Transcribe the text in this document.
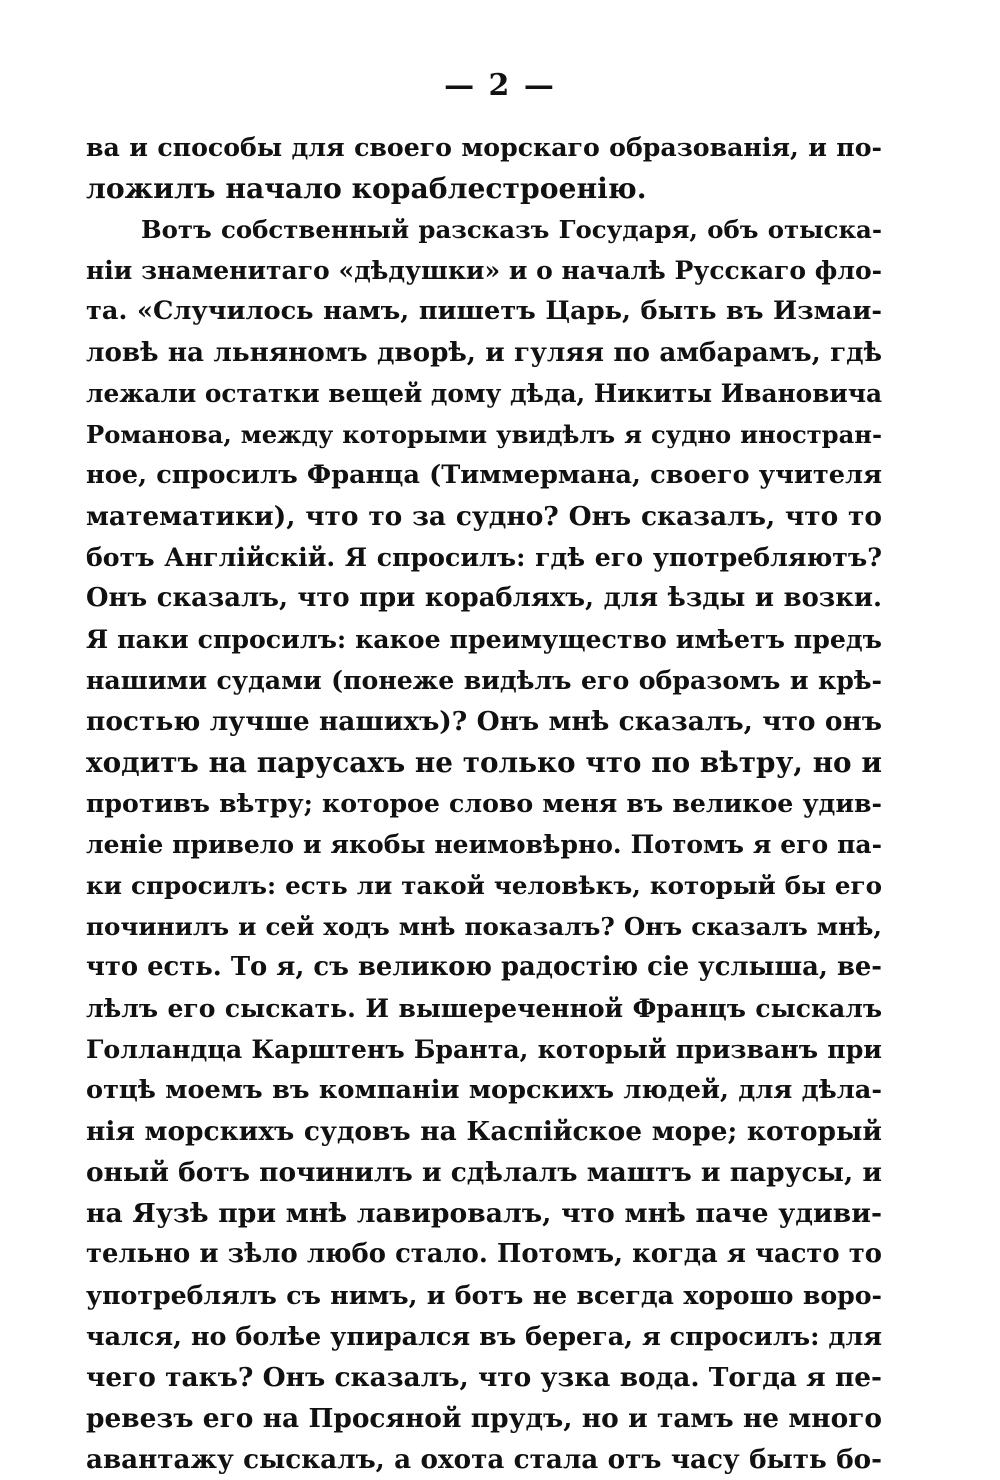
— 2 —
ва и способы для своего морскаго образованія, и по-
ложилъ начало кораблестроенію.
Вотъ собственный разсказъ Государя, объ отыска-
ніи знаменитаго «дѣдушки» и о началѣ Русскаго флo-
та. «Случилось намъ, пишетъ Царь, быть въ Измаи-
ловѣ на льняномъ дворѣ, и гуляя по амбарамъ, гдѣ
лежали остатки вещей дому дѣда, Никиты Ивановича
Романова, между которыми увидѣлъ я судно иностран-
ное, спросилъ Франца (Тиммермана, своего учителя
математики), что то за судно? Онъ сказалъ, что то
ботъ Англійскій. Я спросилъ: гдѣ его употребляютъ?
Онъ сказалъ, что при корабляхъ, для ѣзды и возки.
Я паки спросилъ: какое преимущество имѣетъ предъ
нашими судами (понеже видѣлъ его образомъ и крѣ-
постью лучше нашихъ)? Онъ мнѣ сказалъ, что онъ
ходитъ на парусахъ не только что по вѣтру, но и
противъ вѣтру; которое слово меня въ великое удив-
леніе привело и якобы неимовѣрно. Потомъ я его па-
ки спросилъ: есть ли такой человѣкъ, который бы его
починилъ и сей ходъ мнѣ показалъ? Онъ сказалъ мнѣ,
что есть. То я, съ великою радостію сіе услыша, ве-
лѣлъ его сыскать. И вышереченной Францъ сыскалъ
Голландца Карштенъ Бранта, который призванъ при
отцѣ моемъ въ компаніи морскихъ людей, для дѣла-
нія морскихъ судовъ на Каспійское море; который
оный ботъ починилъ и сдѣлалъ маштъ и парусы, и
на Яузѣ при мнѣ лавировалъ, что мнѣ паче удиви-
тельно и зѣло любо стало. Потомъ, когда я часто то
употреблялъ съ нимъ, и ботъ не всегда хорошо воро-
чался, но болѣе упирался въ берега, я спросилъ: для
чего такъ? Онъ сказалъ, что узка вода. Тогда я пе-
ревезъ его на Просяной прудъ, но и тамъ не много
авантажу сыскалъ, а охота стала отъ часу быть бо-
